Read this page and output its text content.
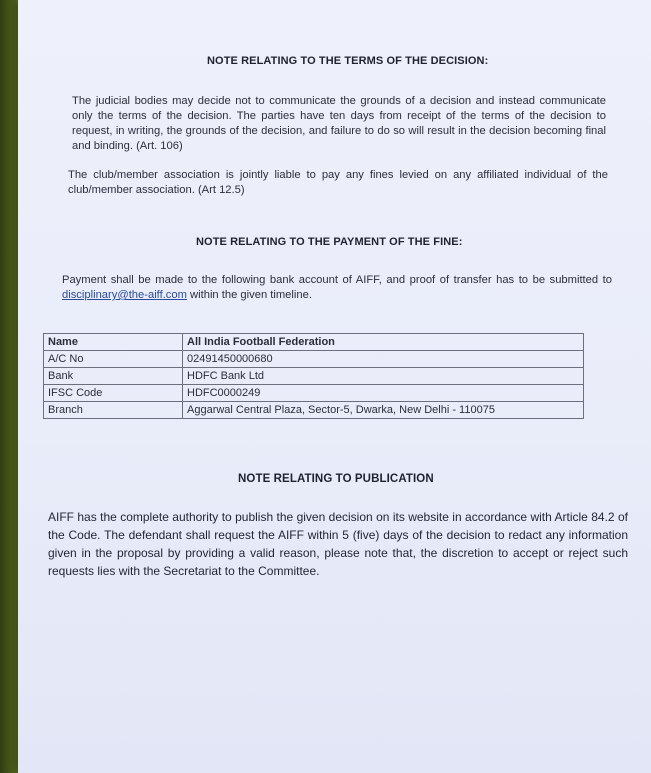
NOTE RELATING TO THE TERMS OF THE DECISION:
The judicial bodies may decide not to communicate the grounds of a decision and instead communicate only the terms of the decision. The parties have ten days from receipt of the terms of the decision to request, in writing, the grounds of the decision, and failure to do so will result in the decision becoming final and binding. (Art. 106)
The club/member association is jointly liable to pay any fines levied on any affiliated individual of the club/member association. (Art 12.5)
NOTE RELATING TO THE PAYMENT OF THE FINE:
Payment shall be made to the following bank account of AIFF, and proof of transfer has to be submitted to disciplinary@the-aiff.com within the given timeline.
Name	All India Football Federation
A/C No	02491450000680
Bank	HDFC Bank Ltd
IFSC Code	HDFC0000249
Branch	Aggarwal Central Plaza, Sector-5, Dwarka, New Delhi - 110075
NOTE RELATING TO PUBLICATION
AIFF has the complete authority to publish the given decision on its website in accordance with Article 84.2 of the Code. The defendant shall request the AIFF within 5 (five) days of the decision to redact any information given in the proposal by providing a valid reason, please note that, the discretion to accept or reject such requests lies with the Secretariat to the Committee.
